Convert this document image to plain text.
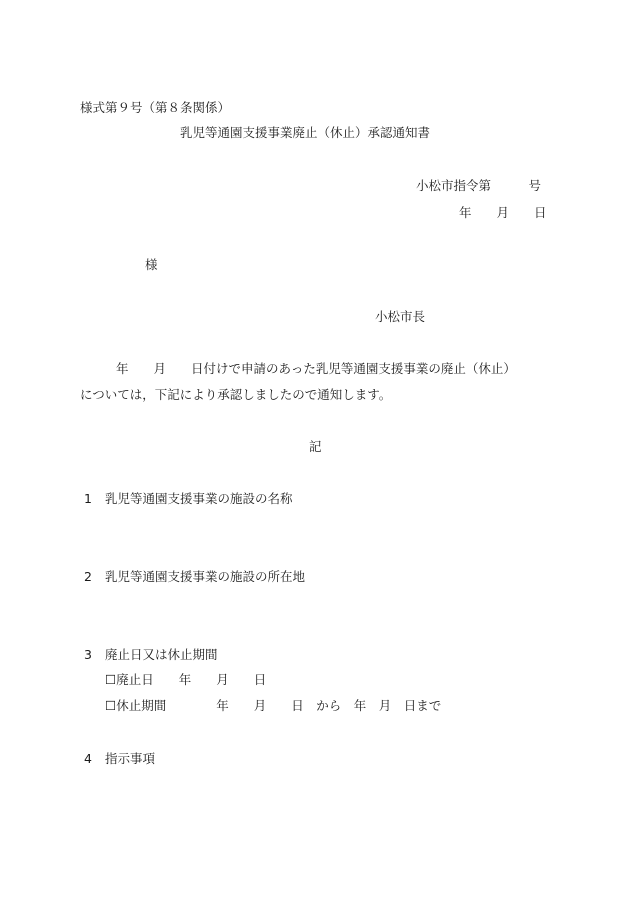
様式第９号（第８条関係）
乳児等通園支援事業廃止（休止）承認通知書
小松市指令第　　　号
年　　月　　日
様
小松市長
　　年　　月　　日付けで申請のあった乳児等通園支援事業の廃止（休止）
については，下記により承認しましたので通知します。
記
1 乳児等通園支援事業の施設の名称
2 乳児等通園支援事業の施設の所在地
3 廃止日又は休止期間
☐廃止日　　年　　月　　日
☐休止期間　　　　年　　月　　日　から　年　月　日まで
4 指示事項
